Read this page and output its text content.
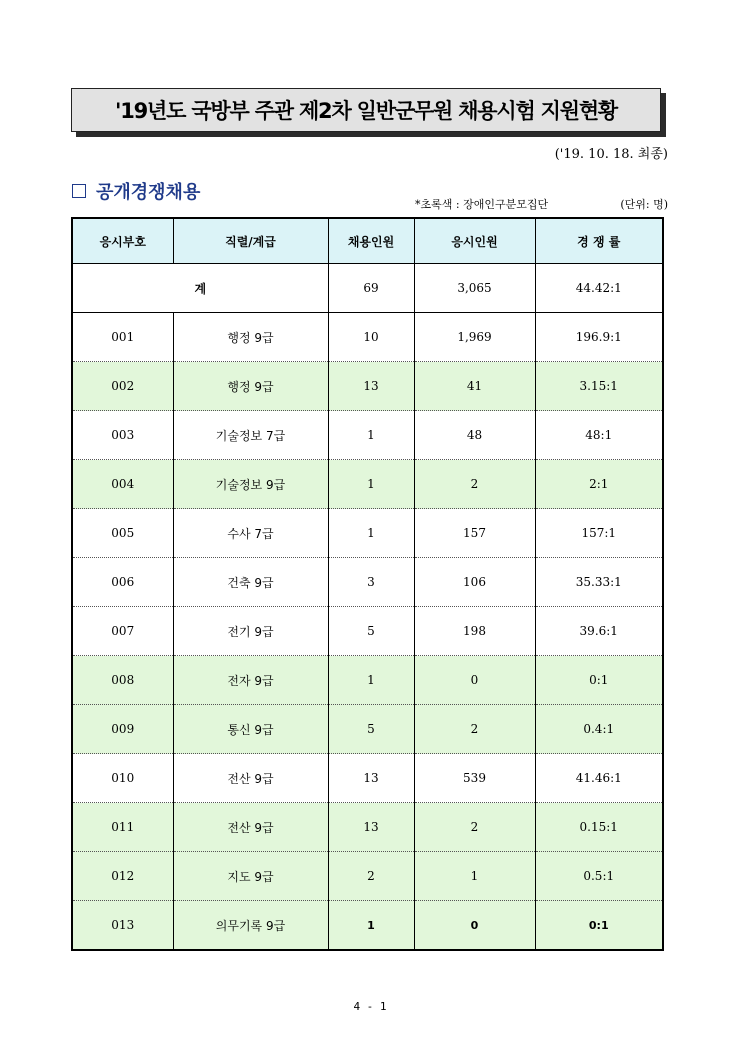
'19년도 국방부 주관 제2차 일반군무원 채용시험 지원현황
('19. 10. 18. 최종)
공개경쟁채용
*초록색 : 장애인구분모집단	(단위: 명)
응시부호	직렬/계급	채용인원	응시인원	경 쟁 률
계		69	3,065	44.42:1
001	행정 9급	10	1,969	196.9:1
002	행정 9급	13	41	3.15:1
003	기술정보 7급	1	48	48:1
004	기술정보 9급	1	2	2:1
005	수사 7급	1	157	157:1
006	건축 9급	3	106	35.33:1
007	전기 9급	5	198	39.6:1
008	전자 9급	1	0	0:1
009	통신 9급	5	2	0.4:1
010	전산 9급	13	539	41.46:1
011	전산 9급	13	2	0.15:1
012	지도 9급	2	1	0.5:1
013	의무기록 9급	1	0	0:1
4 - 1
